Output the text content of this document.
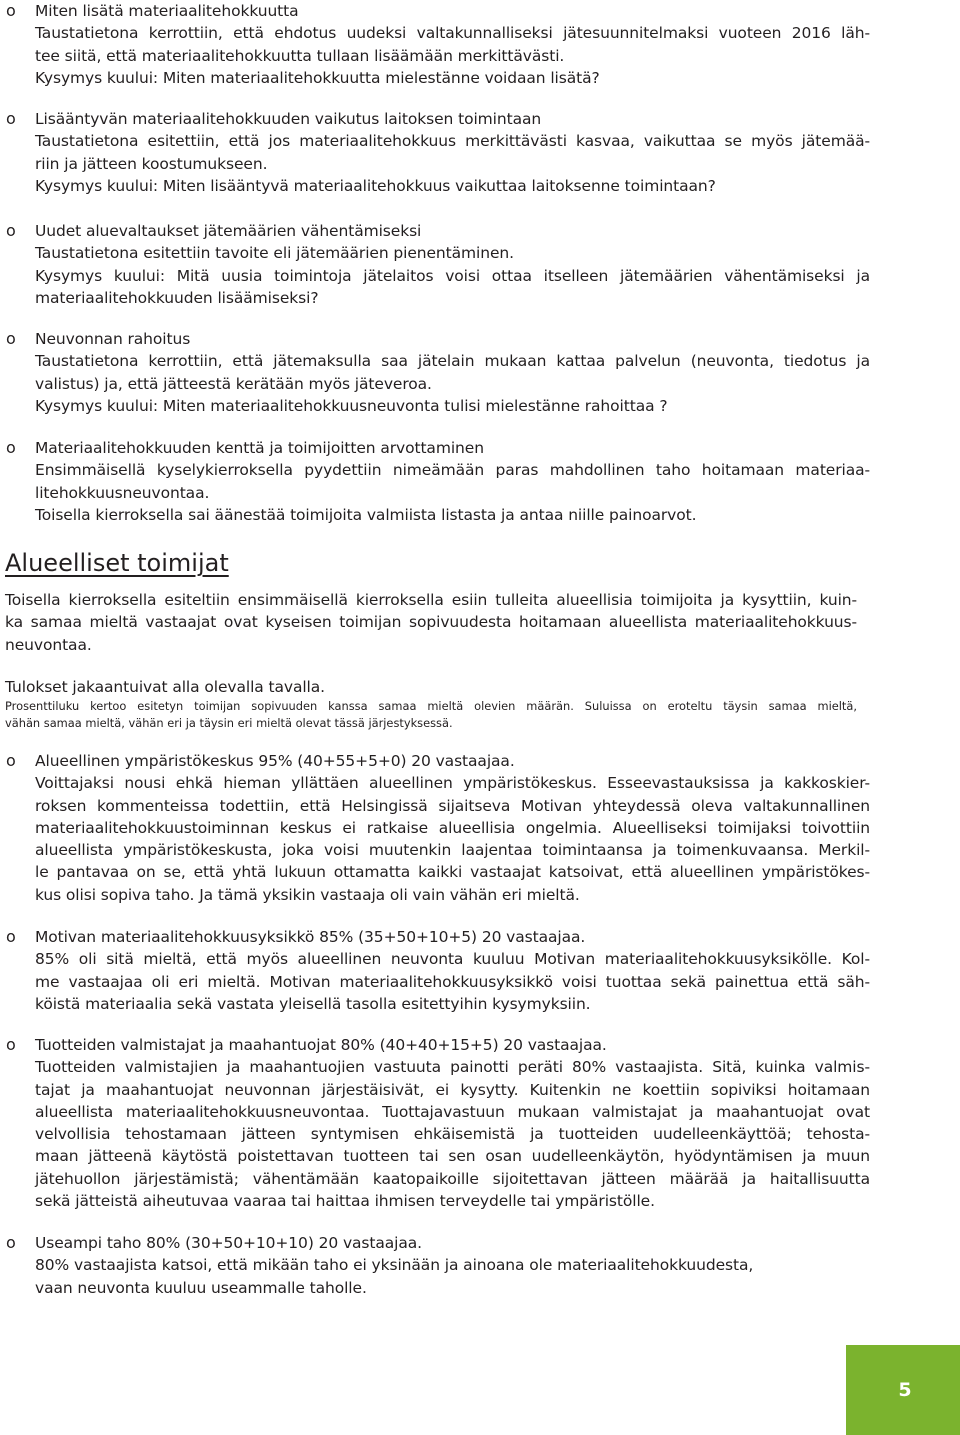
o Miten lisätä materiaalitehokkuutta
Taustatietona kerrottiin, että ehdotus uudeksi valtakunnalliseksi jätesuunnitelmaksi vuoteen 2016 läh-
tee siitä, että materiaalitehokkuutta tullaan lisäämään merkittävästi.
Kysymys kuului: Miten materiaalitehokkuutta mielestänne voidaan lisätä?
o Lisääntyvän materiaalitehokkuuden vaikutus laitoksen toimintaan
Taustatietona esitettiin, että jos materiaalitehokkuus merkittävästi kasvaa, vaikuttaa se myös jätemää-
riin ja jätteen koostumukseen.
Kysymys kuului: Miten lisääntyvä materiaalitehokkuus vaikuttaa laitoksenne toimintaan?
o Uudet aluevaltaukset jätemäärien vähentämiseksi
Taustatietona esitettiin tavoite eli jätemäärien pienentäminen.
Kysymys kuului: Mitä uusia toimintoja jätelaitos voisi ottaa itselleen jätemäärien vähentämiseksi ja
materiaalitehokkuuden lisäämiseksi?
o Neuvonnan rahoitus
Taustatietona kerrottiin, että jätemaksulla saa jätelain mukaan kattaa palvelun (neuvonta, tiedotus ja
valistus) ja, että jätteestä kerätään myös jäteveroa.
Kysymys kuului: Miten materiaalitehokkuusneuvonta tulisi mielestänne rahoittaa ?
o Materiaalitehokkuuden kenttä ja toimijoitten arvottaminen
Ensimmäisellä kyselykierroksella pyydettiin nimeämään paras mahdollinen taho hoitamaan materiaa-
litehokkuusneuvontaa.
Toisella kierroksella sai äänestää toimijoita valmiista listasta ja antaa niille painoarvot.
Alueelliset toimijat
Toisella kierroksella esiteltiin ensimmäisellä kierroksella esiin tulleita alueellisia toimijoita ja kysyttiin, kuin-
ka samaa mieltä vastaajat ovat kyseisen toimijan sopivuudesta hoitamaan alueellista materiaalitehokkuus-
neuvontaa.
Tulokset jakaantuivat alla olevalla tavalla.
Prosenttiluku kertoo esitetyn toimijan sopivuuden kanssa samaa mieltä olevien määrän. Suluissa on eroteltu täysin samaa mieltä,
vähän samaa mieltä, vähän eri ja täysin eri mieltä olevat tässä järjestyksessä.
o Alueellinen ympäristökeskus 95% (40+55+5+0) 20 vastaajaa.
Voittajaksi nousi ehkä hieman yllättäen alueellinen ympäristökeskus. Esseevastauksissa ja kakkoskier-
roksen kommenteissa todettiin, että Helsingissä sijaitseva Motivan yhteydessä oleva valtakunnallinen
materiaalitehokkuustoiminnan keskus ei ratkaise alueellisia ongelmia. Alueelliseksi toimijaksi toivottiin
alueellista ympäristökeskusta, joka voisi muutenkin laajentaa toimintaansa ja toimenkuvaansa. Merkil-
le pantavaa on se, että yhtä lukuun ottamatta kaikki vastaajat katsoivat, että alueellinen ympäristökes-
kus olisi sopiva taho. Ja tämä yksikin vastaaja oli vain vähän eri mieltä.
o Motivan materiaalitehokkuusyksikkö 85% (35+50+10+5) 20 vastaajaa.
85% oli sitä mieltä, että myös alueellinen neuvonta kuuluu Motivan materiaalitehokkuusyksikölle. Kol-
me vastaajaa oli eri mieltä. Motivan materiaalitehokkuusyksikkö voisi tuottaa sekä painettua että säh-
köistä materiaalia sekä vastata yleisellä tasolla esitettyihin kysymyksiin.
o Tuotteiden valmistajat ja maahantuojat 80% (40+40+15+5) 20 vastaajaa.
Tuotteiden valmistajien ja maahantuojien vastuuta painotti peräti 80% vastaajista. Sitä, kuinka valmis-
tajat ja maahantuojat neuvonnan järjestäisivät, ei kysytty. Kuitenkin ne koettiin sopiviksi hoitamaan
alueellista materiaalitehokkuusneuvontaa. Tuottajavastuun mukaan valmistajat ja maahantuojat ovat
velvollisia tehostamaan jätteen syntymisen ehkäisemistä ja tuotteiden uudelleenkäyttöä; tehosta-
maan jätteenä käytöstä poistettavan tuotteen tai sen osan uudelleenkäytön, hyödyntämisen ja muun
jätehuollon järjestämistä; vähentämään kaatopaikoille sijoitettavan jätteen määrää ja haitallisuutta
sekä jätteistä aiheutuvaa vaaraa tai haittaa ihmisen terveydelle tai ympäristölle.
o Useampi taho 80% (30+50+10+10) 20 vastaajaa.
80% vastaajista katsoi, että mikään taho ei yksinään ja ainoana ole materiaalitehokkuudesta,
vaan neuvonta kuuluu useammalle taholle.
5
